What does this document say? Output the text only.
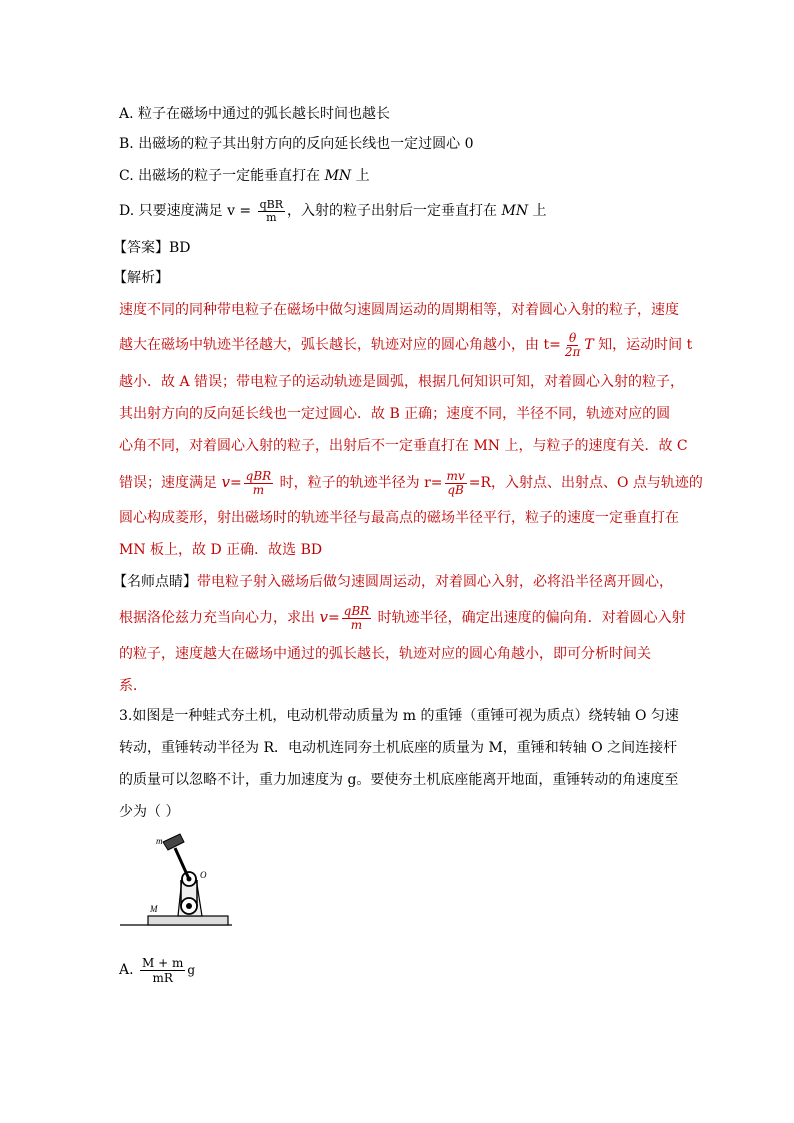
A. 粒子在磁场中通过的弧长越长时间也越长
B. 出磁场的粒子其出射方向的反向延长线也一定过圆心 0
C. 出磁场的粒子一定能垂直打在 MN 上
D. 只要速度满足 $v = \frac{\text{qBR}}{m}$ ，入射的粒子出射后一定垂直打在 MN 上
【答案】BD
【解析】
速度不同的同种带电粒子在磁场中做匀速圆周运动的周期相等，对着圆心入射的粒子，速度
越大在磁场中轨迹半径越大，弧长越长，轨迹对应的圆心角越小，由 $t= \frac{\theta}{2\pi}$ T 知，运动时间 t
越小．故 A 错误；带电粒子的运动轨迹是圆弧，根据几何知识可知，对着圆心入射的粒子，
其出射方向的反向延长线也一定过圆心．故 B 正确；速度不同，半径不同，轨迹对应的圆
心角不同，对着圆心入射的粒子，出射后不一定垂直打在 MN 上，与粒子的速度有关．故 C
错误；速度满足 $v= \frac{\text{qBR}}{m}$ 时，粒子的轨迹半径为 $r= \frac{mv}{qB} =R$，入射点、出射点、O 点与轨迹的
圆心构成菱形，射出磁场时的轨迹半径与最高点的磁场半径平行，粒子的速度一定垂直打在
MN 板上，故 D 正确．故选 BD
【名师点睛】带电粒子射入磁场后做匀速圆周运动，对着圆心入射，必将沿半径离开圆心，
根据洛伦兹力充当向心力，求出 $v= \frac{\text{qBR}}{m}$ 时轨迹半径，确定出速度的偏向角．对着圆心入射
的粒子，速度越大在磁场中通过的弧长越长，轨迹对应的圆心角越小，即可分析时间关
系．
3.如图是一种蛙式夯土机，电动机带动质量为 m 的重锤（重锤可视为质点）绕转轴 O 匀速
转动，重锤转动半径为 R．电动机连同夯土机底座的质量为 M，重锤和转轴 O 之间连接杆
的质量可以忽略不计，重力加速度为 g。要使夯土机底座能离开地面，重锤转动的角速度至
少为（ ）
m
O
M
A. $\frac{M + m}{mR}$ g
